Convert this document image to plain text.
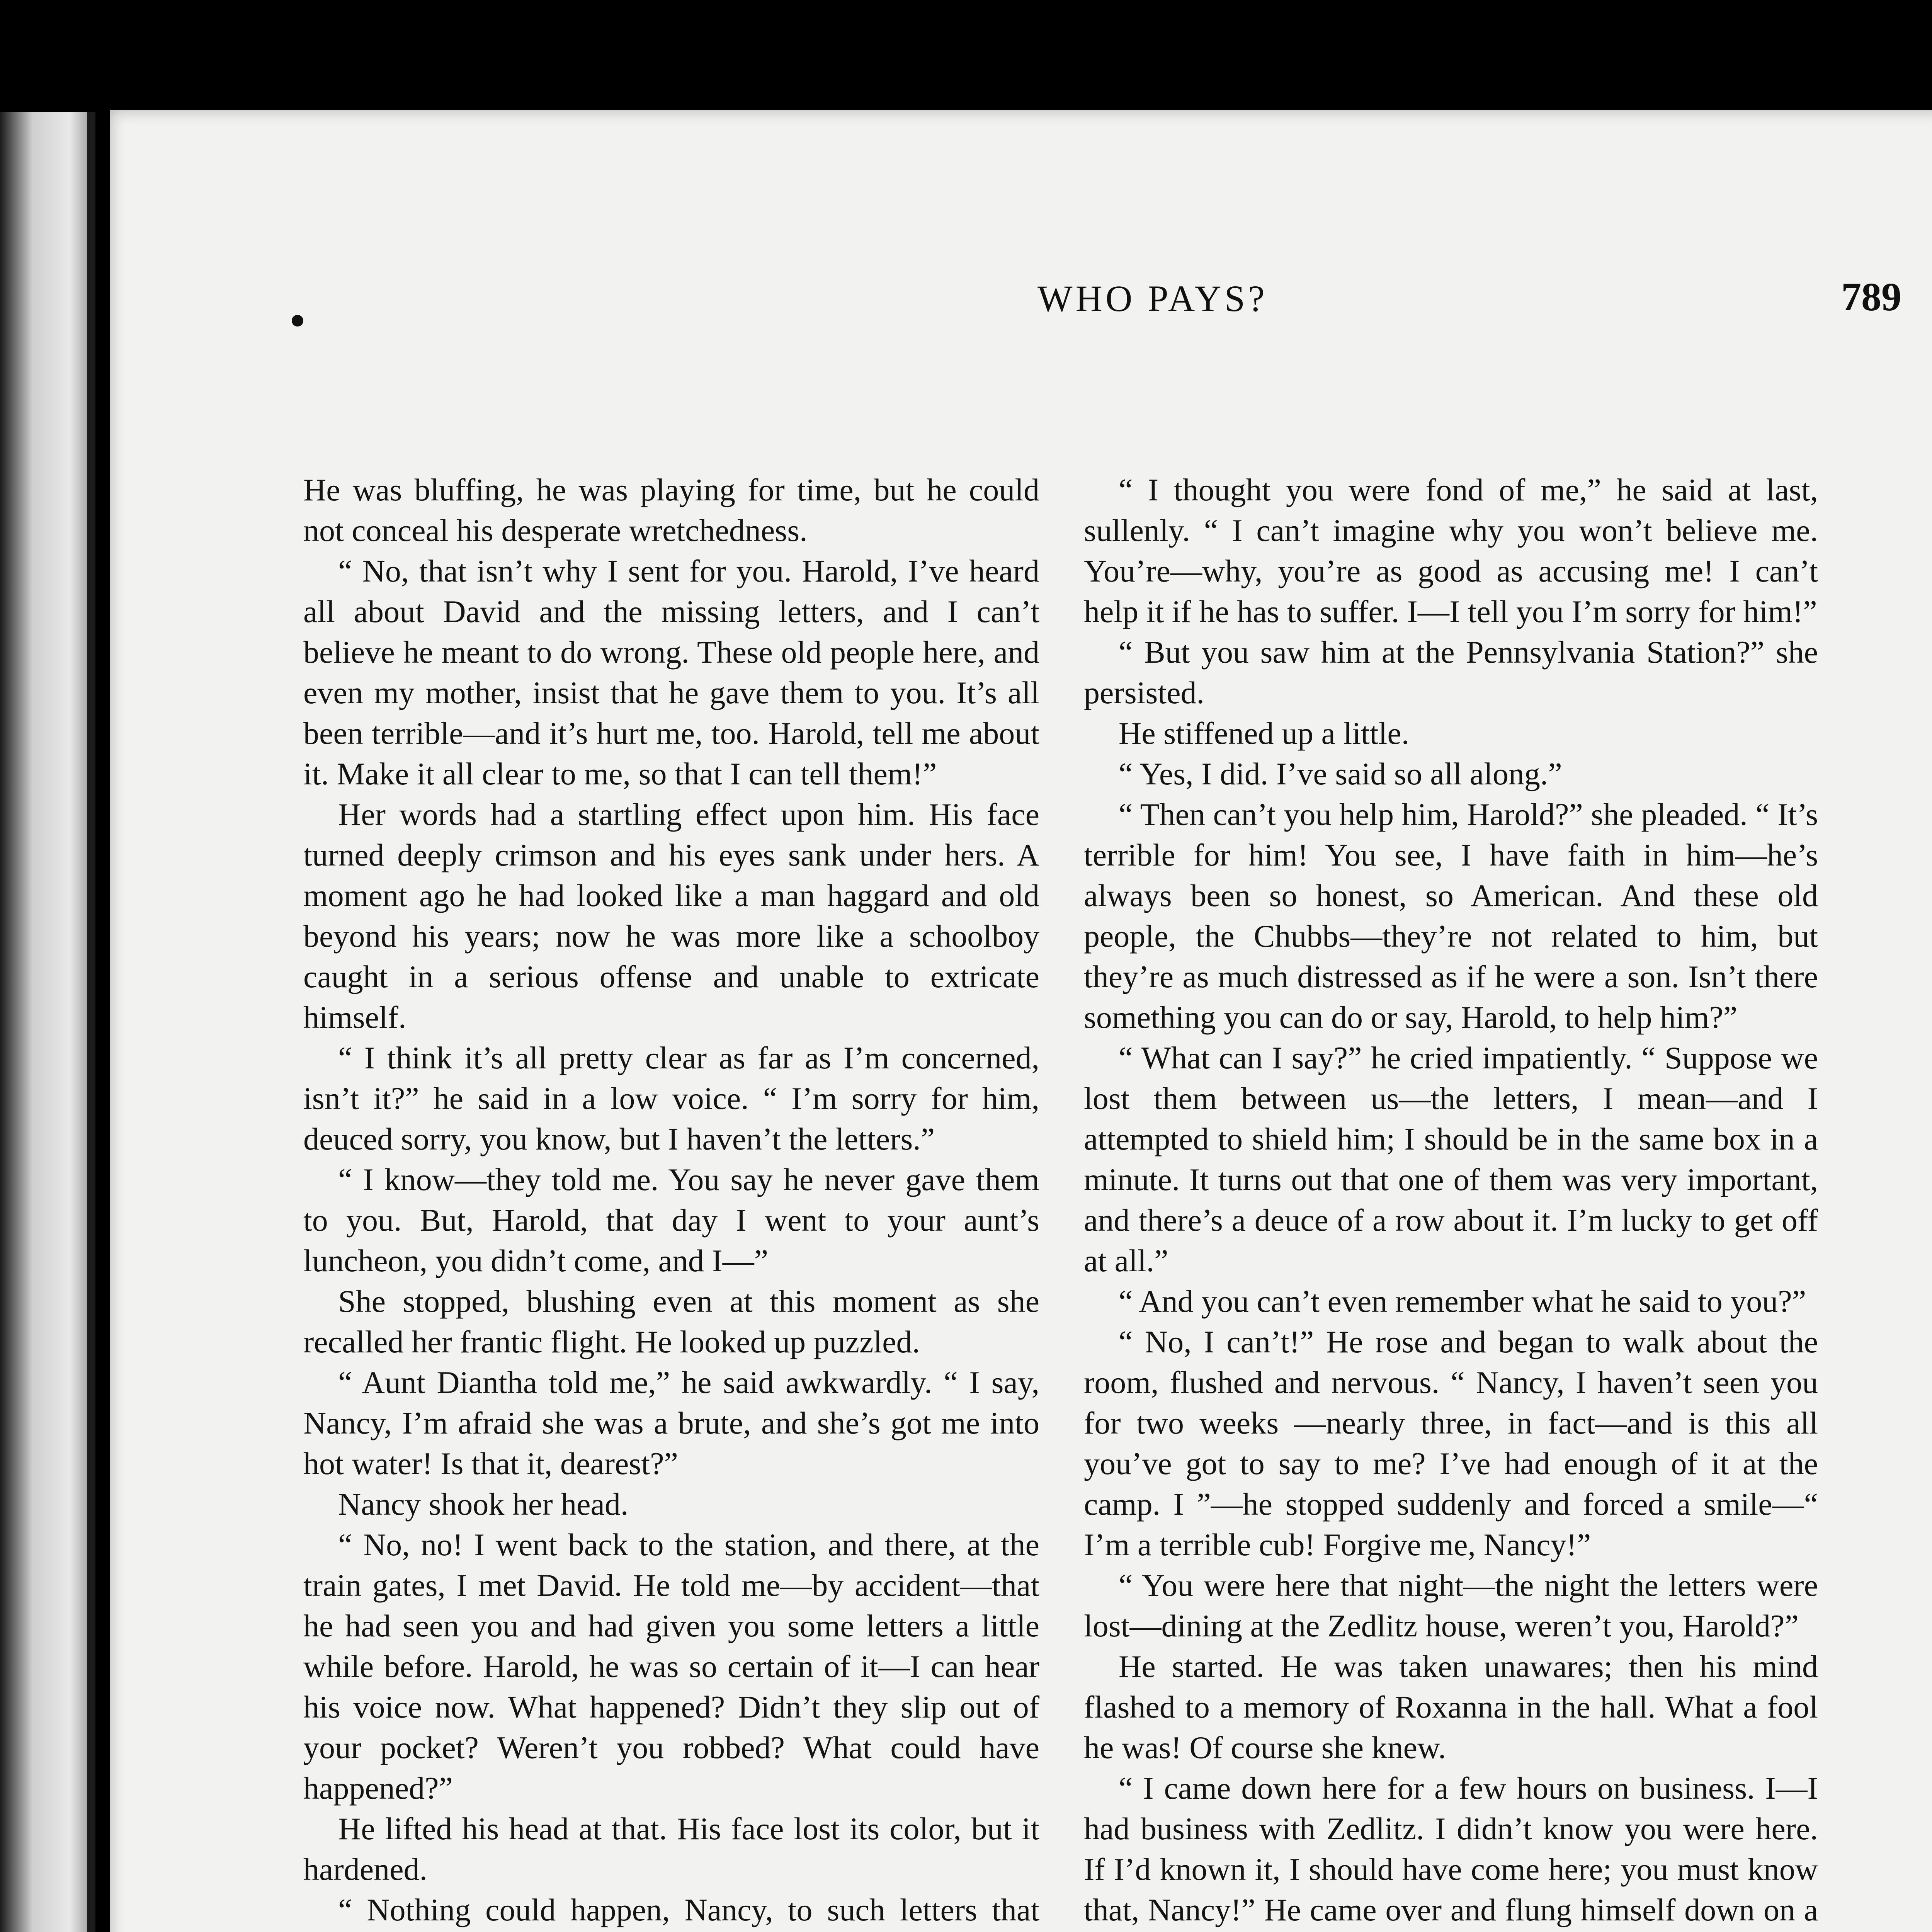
WHO PAYS?	789

He was bluffing, he was playing for time, but he could not conceal his desperate wretchedness.

“ No, that isn’t why I sent for you. Harold, I’ve heard all about David and the missing letters, and I can’t believe he meant to do wrong. These old people here, and even my mother, insist that he gave them to you. It’s all been terrible—and it’s hurt me, too. Harold, tell me about it. Make it all clear to me, so that I can tell them!”

Her words had a startling effect upon him. His face turned deeply crimson and his eyes sank under hers. A moment ago he had looked like a man haggard and old beyond his years; now he was more like a schoolboy caught in a serious offense and unable to extricate himself.

“ I think it’s all pretty clear as far as I’m concerned, isn’t it?” he said in a low voice. “ I’m sorry for him, deuced sorry, you know, but I haven’t the letters.”

“ I know—they told me. You say he never gave them to you. But, Harold, that day I went to your aunt’s luncheon, you didn’t come, and I—”

She stopped, blushing even at this moment as she recalled her frantic flight. He looked up puzzled.

“ Aunt Diantha told me,” he said awkwardly. “ I say, Nancy, I’m afraid she was a brute, and she’s got me into hot water! Is that it, dearest?”

Nancy shook her head.

“ No, no! I went back to the station, and there, at the train gates, I met David. He told me—by accident—that he had seen you and had given you some letters a little while before. Harold, he was so certain of it—I can hear his voice now. What happened? Didn’t they slip out of your pocket? Weren’t you robbed? What could have happened?”

He lifted his head at that. His face lost its color, but it hardened.

“ Nothing could happen, Nancy, to such letters that

“ I thought you were fond of me,” he said at last, sullenly. “ I can’t imagine why you won’t believe me. You’re—why, you’re as good as accusing me! I can’t help it if he has to suffer. I—I tell you I’m sorry for him!”

“ But you saw him at the Pennsylvania Station?” she persisted.

He stiffened up a little.

“ Yes, I did. I’ve said so all along.”

“ Then can’t you help him, Harold?” she pleaded. “ It’s terrible for him! You see, I have faith in him—he’s always been so honest, so American. And these old people, the Chubbs—they’re not related to him, but they’re as much distressed as if he were a son. Isn’t there something you can do or say, Harold, to help him?”

“ What can I say?” he cried impatiently. “ Suppose we lost them between us—the letters, I mean—and I attempted to shield him; I should be in the same box in a minute. It turns out that one of them was very important, and there’s a deuce of a row about it. I’m lucky to get off at all.”

“ And you can’t even remember what he said to you?”

“ No, I can’t!” He rose and began to walk about the room, flushed and nervous. “ Nancy, I haven’t seen you for two weeks —nearly three, in fact—and is this all you’ve got to say to me? I’ve had enough of it at the camp. I ”—he stopped suddenly and forced a smile—“ I’m a terrible cub! Forgive me, Nancy!”

“ You were here that night—the night the letters were lost—dining at the Zedlitz house, weren’t you, Harold?”

He started. He was taken unawares; then his mind flashed to a memory of Roxanna in the hall. What a fool he was! Of course she knew.

“ I came down here for a few hours on business. I—I had business with Zedlitz. I didn’t know you were here. If I’d known it, I should have come here; you must know that, Nancy!” He came over and flung himself down on a
